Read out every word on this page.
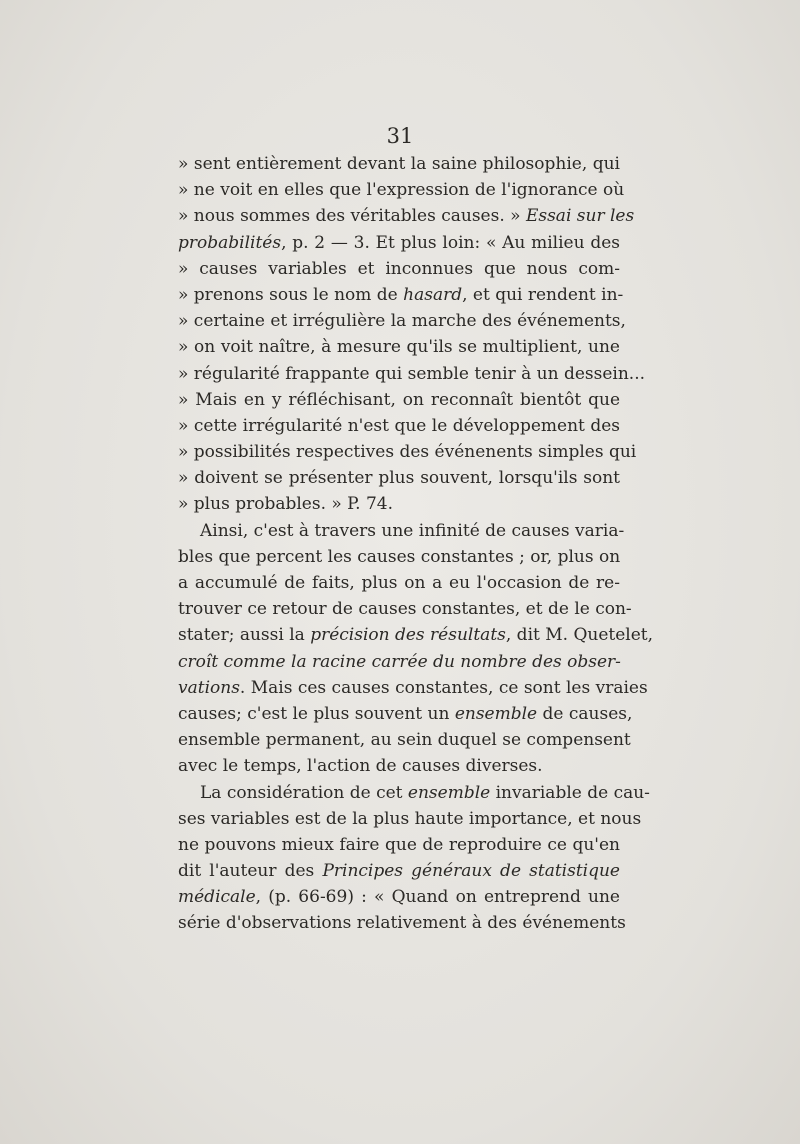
31
» sent entièrement devant la saine philosophie, qui
» ne voit en elles que l'expression de l'ignorance où
» nous sommes des véritables causes. » Essai sur les
probabilités, p. 2 — 3. Et plus loin: « Au milieu des
» causes variables et inconnues que nous com-
» prenons sous le nom de hasard, et qui rendent in-
» certaine et irrégulière la marche des événements,
» on voit naître, à mesure qu'ils se multiplient, une
» régularité frappante qui semble tenir à un dessein...
» Mais en y réfléchisant, on reconnaît bientôt que
» cette irrégularité n'est que le développement des
» possibilités respectives des événenents simples qui
» doivent se présenter plus souvent, lorsqu'ils sont
» plus probables. » P. 74.
Ainsi, c'est à travers une infinité de causes varia-
bles que percent les causes constantes ; or, plus on
a accumulé de faits, plus on a eu l'occasion de re-
trouver ce retour de causes constantes, et de le con-
stater; aussi la précision des résultats, dit M. Quetelet,
croît comme la racine carrée du nombre des obser-
vations. Mais ces causes constantes, ce sont les vraies
causes; c'est le plus souvent un ensemble de causes,
ensemble permanent, au sein duquel se compensent
avec le temps, l'action de causes diverses.
La considération de cet ensemble invariable de cau-
ses variables est de la plus haute importance, et nous
ne pouvons mieux faire que de reproduire ce qu'en
dit l'auteur des Principes généraux de statistique
médicale, (p. 66-69) : « Quand on entreprend une
série d'observations relativement à des événements
